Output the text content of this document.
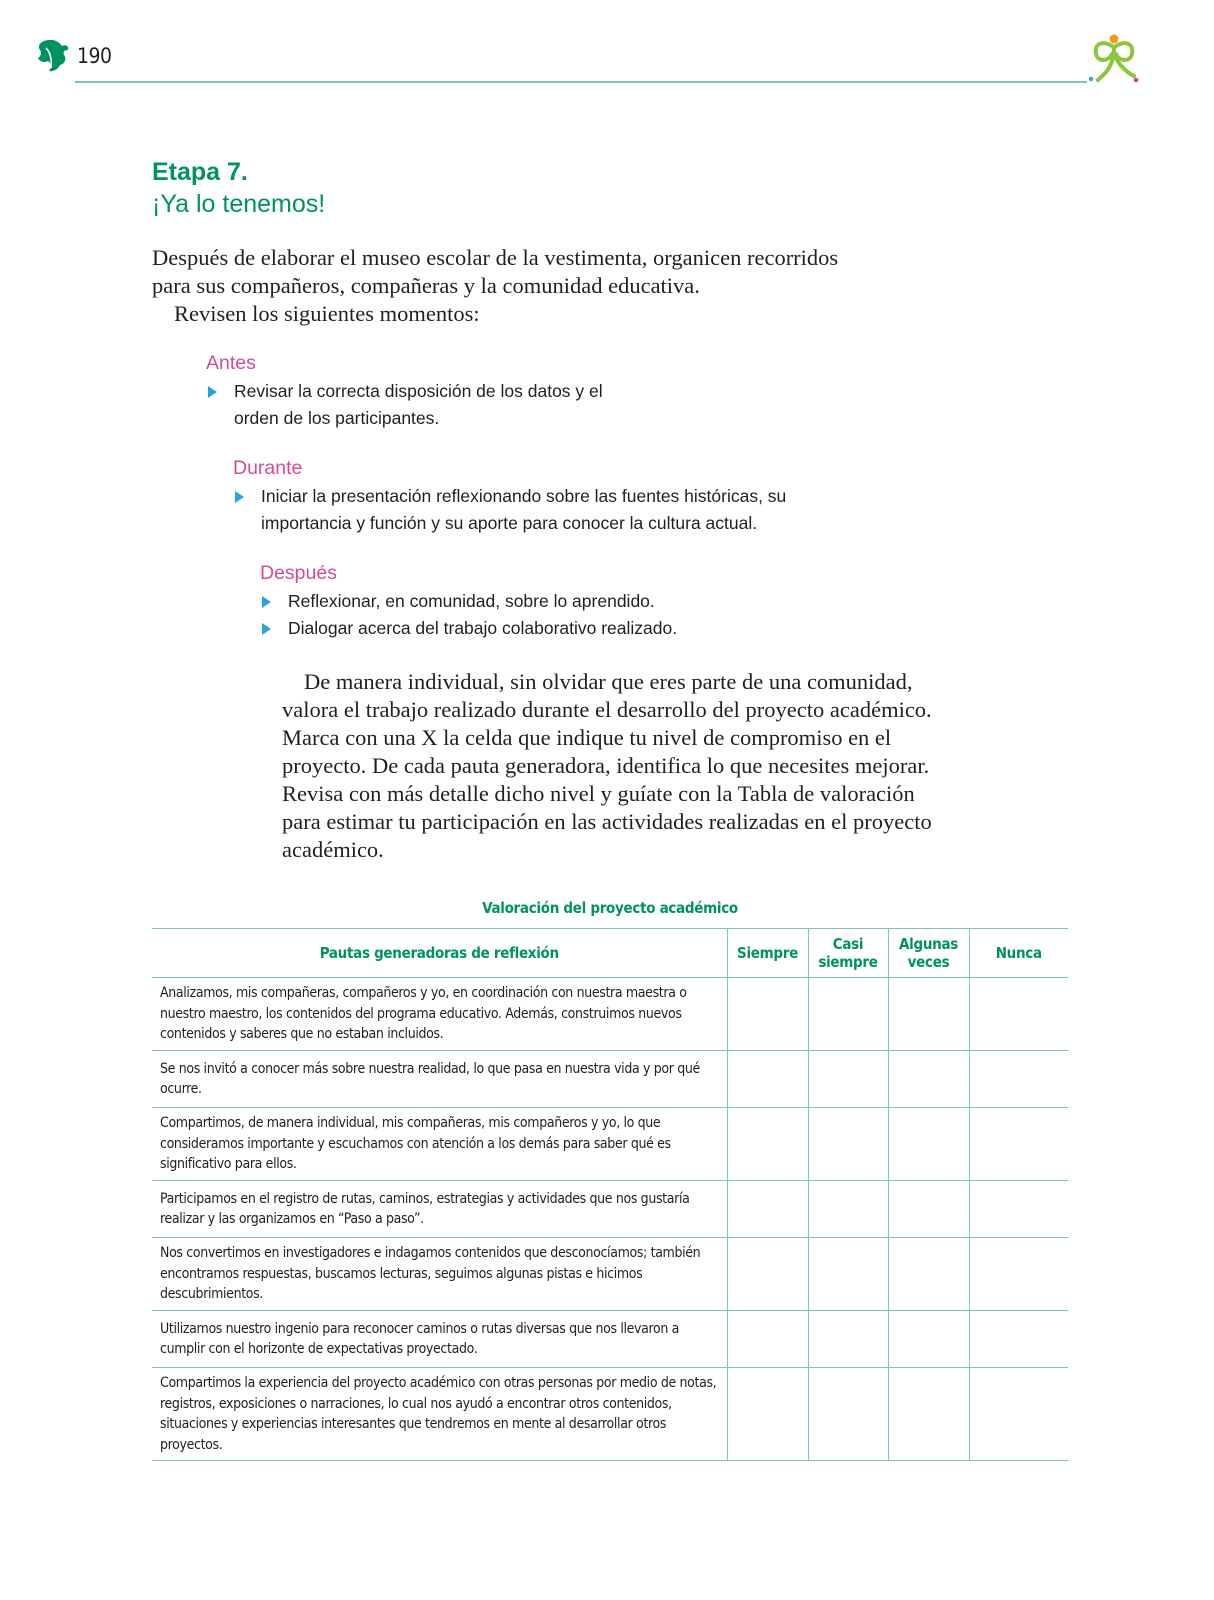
190
Etapa 7.
¡Ya lo tenemos!

Después de elaborar el museo escolar de la vestimenta, organicen recorridos para sus compañeros, compañeras y la comunidad educativa.

Revisen los siguientes momentos:

Antes
Revisar la correcta disposición de los datos y el orden de los participantes.
Durante
Iniciar la presentación reflexionando sobre las fuentes históricas, su importancia y función y su aporte para conocer la cultura actual.
Después
Reflexionar, en comunidad, sobre lo aprendido.
Dialogar acerca del trabajo colaborativo realizado.

De manera individual, sin olvidar que eres parte de una comunidad, valora el trabajo realizado durante el desarrollo del proyecto académico. Marca con una X la celda que indique tu nivel de compromiso en el proyecto. De cada pauta generadora, identifica lo que necesites mejorar. Revisa con más detalle dicho nivel y guíate con la Tabla de valoración para estimar tu participación en las actividades realizadas en el proyecto académico.

Valoración del proyecto académico
Pautas generadoras de reflexión	Siempre	Casi siempre	Algunas veces	Nunca
Analizamos, mis compañeras, compañeros y yo, en coordinación con nuestra maestra o nuestro maestro, los contenidos del programa educativo. Además, construimos nuevos contenidos y saberes que no estaban incluidos.				
Se nos invitó a conocer más sobre nuestra realidad, lo que pasa en nuestra vida y por qué ocurre.				
Compartimos, de manera individual, mis compañeras, mis compañeros y yo, lo que consideramos importante y escuchamos con atención a los demás para saber qué es significativo para ellos.				
Participamos en el registro de rutas, caminos, estrategias y actividades que nos gustaría realizar y las organizamos en “Paso a paso”.				
Nos convertimos en investigadores e indagamos contenidos que desconocíamos; también encontramos respuestas, buscamos lecturas, seguimos algunas pistas e hicimos descubrimientos.				
Utilizamos nuestro ingenio para reconocer caminos o rutas diversas que nos llevaron a cumplir con el horizonte de expectativas proyectado.				
Compartimos la experiencia del proyecto académico con otras personas por medio de notas, registros, exposiciones o narraciones, lo cual nos ayudó a encontrar otros contenidos, situaciones y experiencias interesantes que tendremos en mente al desarrollar otros proyectos.				
